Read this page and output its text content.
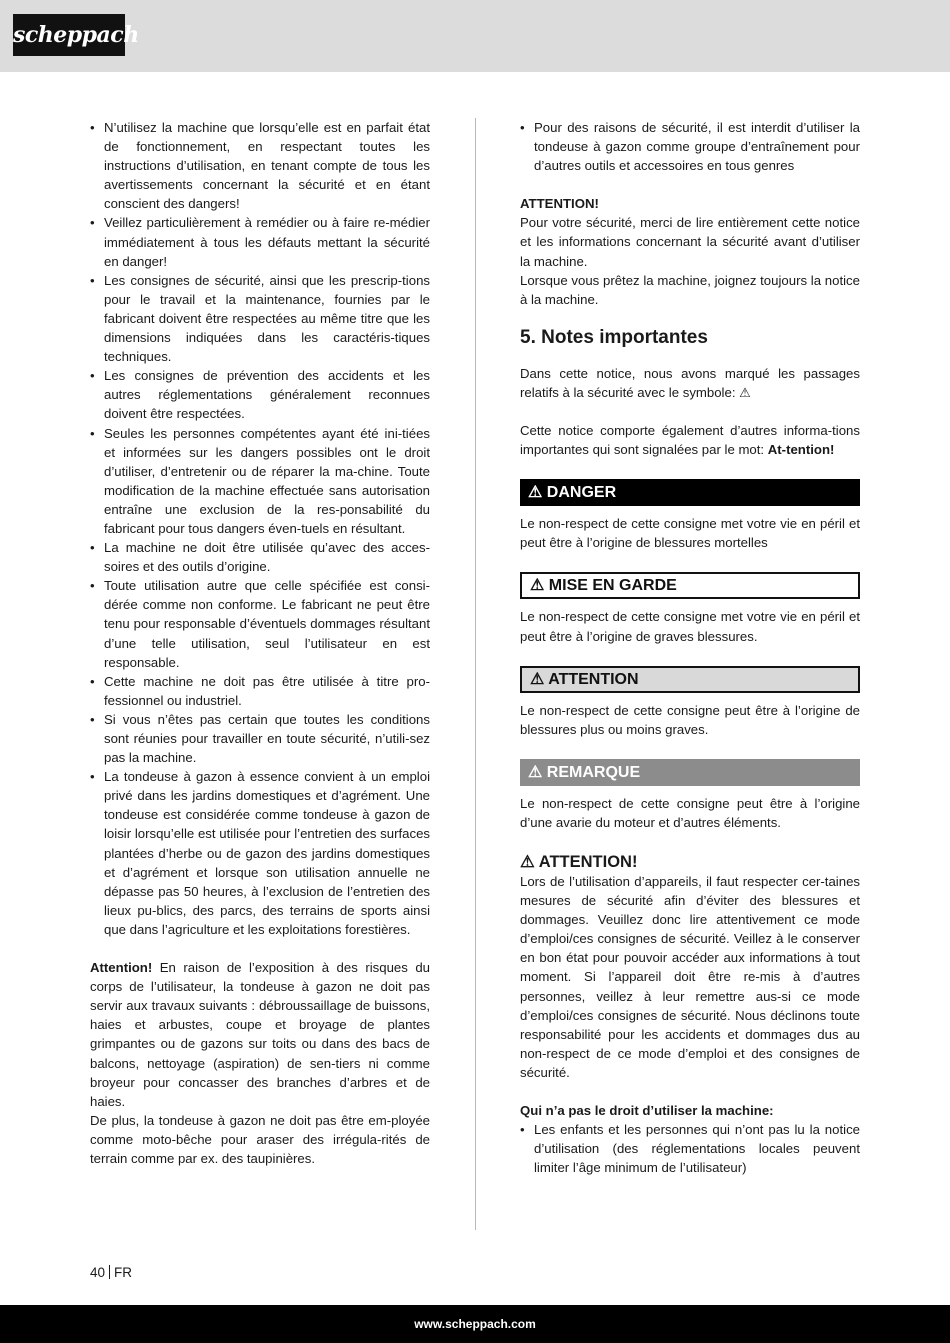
scheppach
• N’utilisez la machine que lorsqu’elle est en parfait état de fonctionnement, en respectant toutes les instructions d’utilisation, en tenant compte de tous les avertissements concernant la sécurité et en étant conscient des dangers!
• Veillez particulièrement à remédier ou à faire re-médier immédiatement à tous les défauts mettant la sécurité en danger!
• Les consignes de sécurité, ainsi que les prescrip-tions pour le travail et la maintenance, fournies par le fabricant doivent être respectées au même titre que les dimensions indiquées dans les caractéris-tiques techniques.
• Les consignes de prévention des accidents et les autres réglementations généralement reconnues doivent être respectées.
• Seules les personnes compétentes ayant été ini-tiées et informées sur les dangers possibles ont le droit d’utiliser, d’entretenir ou de réparer la ma-chine. Toute modification de la machine effectuée sans autorisation entraîne une exclusion de la res-ponsabilité du fabricant pour tous dangers éven-tuels en résultant.
• La machine ne doit être utilisée qu’avec des acces-soires et des outils d’origine.
• Toute utilisation autre que celle spécifiée est consi-dérée comme non conforme. Le fabricant ne peut être tenu pour responsable d’éventuels dommages résultant d’une telle utilisation, seul l’utilisateur en est responsable.
• Cette machine ne doit pas être utilisée à titre pro-fessionnel ou industriel.
• Si vous n’êtes pas certain que toutes les conditions sont réunies pour travailler en toute sécurité, n’utili-sez pas la machine.
• La tondeuse à gazon à essence convient à un emploi privé dans les jardins domestiques et d’agrément. Une tondeuse est considérée comme tondeuse à gazon de loisir lorsqu’elle est utilisée pour l’entretien des surfaces plantées d’herbe ou de gazon des jardins domestiques et d’agrément et lorsque son utilisation annuelle ne dépasse pas 50 heures, à l’exclusion de l’entretien des lieux pu-blics, des parcs, des terrains de sports ainsi que dans l’agriculture et les exploitations forestières.

Attention! En raison de l’exposition à des risques du corps de l’utilisateur, la tondeuse à gazon ne doit pas servir aux travaux suivants : débroussaillage de buissons, haies et arbustes, coupe et broyage de plantes grimpantes ou de gazons sur toits ou dans des bacs de balcons, nettoyage (aspiration) de sen-tiers ni comme broyeur pour concasser des branches d’arbres et de haies.

De plus, la tondeuse à gazon ne doit pas être em-ployée comme moto-bêche pour araser des irrégula-rités de terrain comme par ex. des taupinières.

• Pour des raisons de sécurité, il est interdit d’utiliser la tondeuse à gazon comme groupe d’entraînement pour d’autres outils et accessoires en tous genres

ATTENTION!

Pour votre sécurité, merci de lire entièrement cette notice et les informations concernant la sécurité avant d’utiliser la machine.

Lorsque vous prêtez la machine, joignez toujours la notice à la machine.

5. Notes importantes

Dans cette notice, nous avons marqué les passages relatifs à la sécurité avec le symbole: ⚠

Cette notice comporte également d’autres informa-tions importantes qui sont signalées par le mot: At-tention!

⚠ DANGER

Le non-respect de cette consigne met votre vie en péril et peut être à l’origine de blessures mortelles

⚠ MISE EN GARDE

Le non-respect de cette consigne met votre vie en péril et peut être à l’origine de graves blessures.

⚠ ATTENTION

Le non-respect de cette consigne peut être à l’origine de blessures plus ou moins graves.

⚠ REMARQUE

Le non-respect de cette consigne peut être à l’origine d’une avarie du moteur et d’autres éléments.

⚠ ATTENTION!

Lors de l’utilisation d’appareils, il faut respecter cer-taines mesures de sécurité afin d’éviter des blessures et dommages. Veuillez donc lire attentivement ce mode d’emploi/ces consignes de sécurité. Veillez à le conserver en bon état pour pouvoir accéder aux informations à tout moment. Si l’appareil doit être re-mis à d’autres personnes, veillez à leur remettre aus-si ce mode d’emploi/ces consignes de sécurité. Nous déclinons toute responsabilité pour les accidents et dommages dus au non-respect de ce mode d’emploi et des consignes de sécurité.

Qui n’a pas le droit d’utiliser la machine:

• Les enfants et les personnes qui n’ont pas lu la notice d’utilisation (des réglementations locales peuvent limiter l’âge minimum de l’utilisateur)
40 FR
www.scheppach.com
